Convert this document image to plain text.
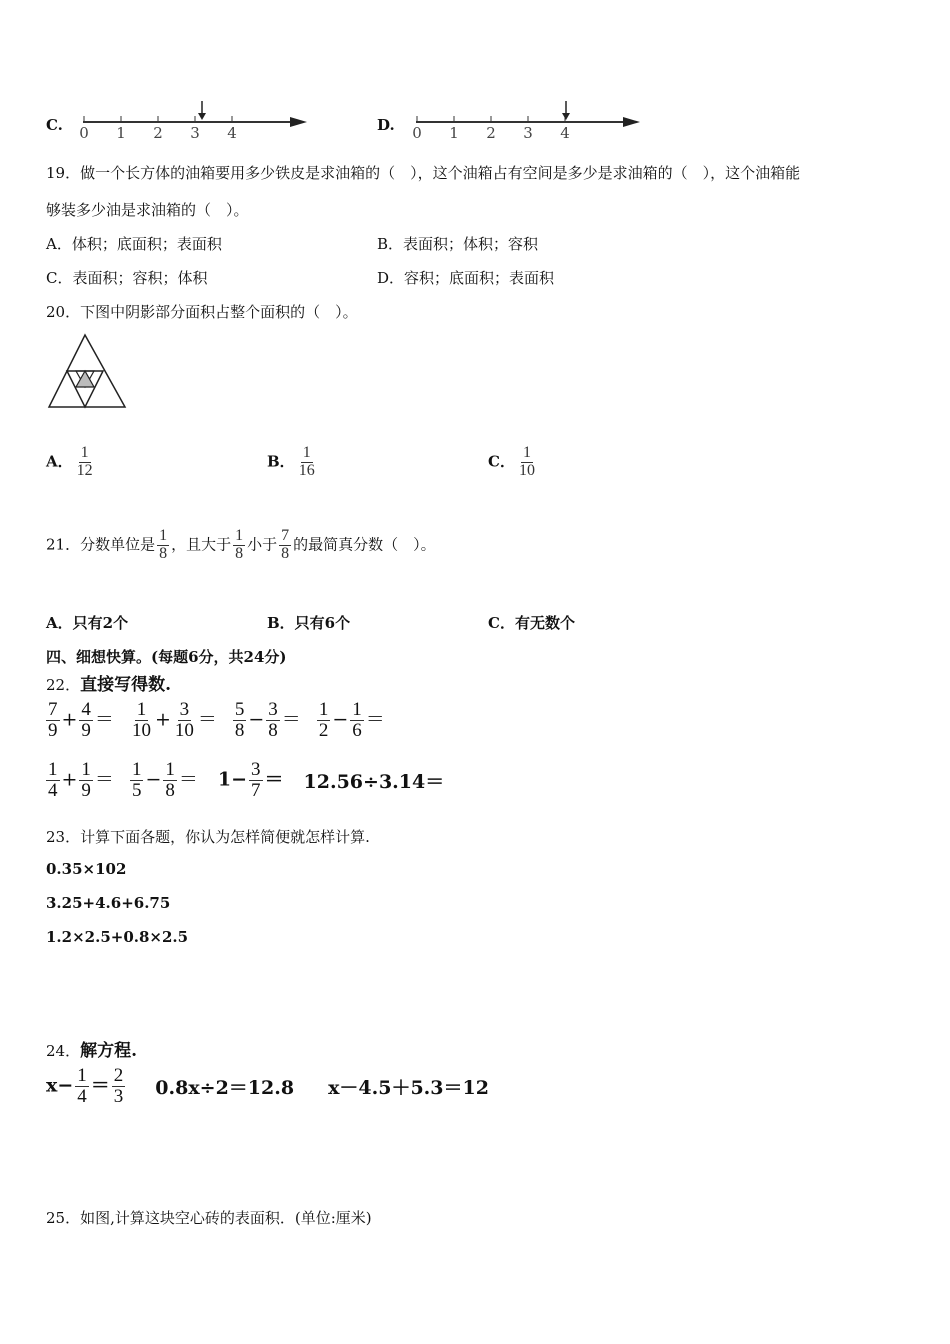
C. 0 1 2 3 4	D. 0 1 2 3 4
19．做一个长方体的油箱要用多少铁皮是求油箱的（　），这个油箱占有空间是多少是求油箱的（　），这个油箱能
够装多少油是求油箱的（　）。
A．体积；底面积；表面积	B．表面积；体积；容积
C．表面积；容积；体积	D．容积；底面积；表面积
20．下图中阴影部分面积占整个面积的（　）。
A． $\frac{1}{12}$	B． $\frac{1}{16}$	C． $\frac{1}{10}$
21．分数单位是 $\frac{1}{8}$ ，且大于 $\frac{1}{8}$ 小于 $\frac{7}{8}$ 的最简真分数（　）。
A．只有2个	B．只有6个	C．有无数个
四、细想快算。(每题6分，共24分)
22．直接写得数.
$\frac{7}{9} + \frac{4}{9} = \frac{1}{10} + \frac{3}{10} = \frac{5}{8} - \frac{3}{8} = \frac{1}{2} - \frac{1}{6}$ ＝
$\frac{1}{4} + \frac{1}{9} = \frac{1}{5} - \frac{1}{8} = 1- \frac{3}{7} = 12.56\div 3.14=$
23．计算下面各题，你认为怎样简便就怎样计算.
0.35×102
3.25+4.6+6.75
1.2×2.5+0.8×2.5
24．解方程.
$x- \frac{1}{4} = \frac{2}{3} 0.8x\div 2=12.8$ x－4.5＋5.3＝12
25．如图,计算这块空心砖的表面积．(单位:厘米)
